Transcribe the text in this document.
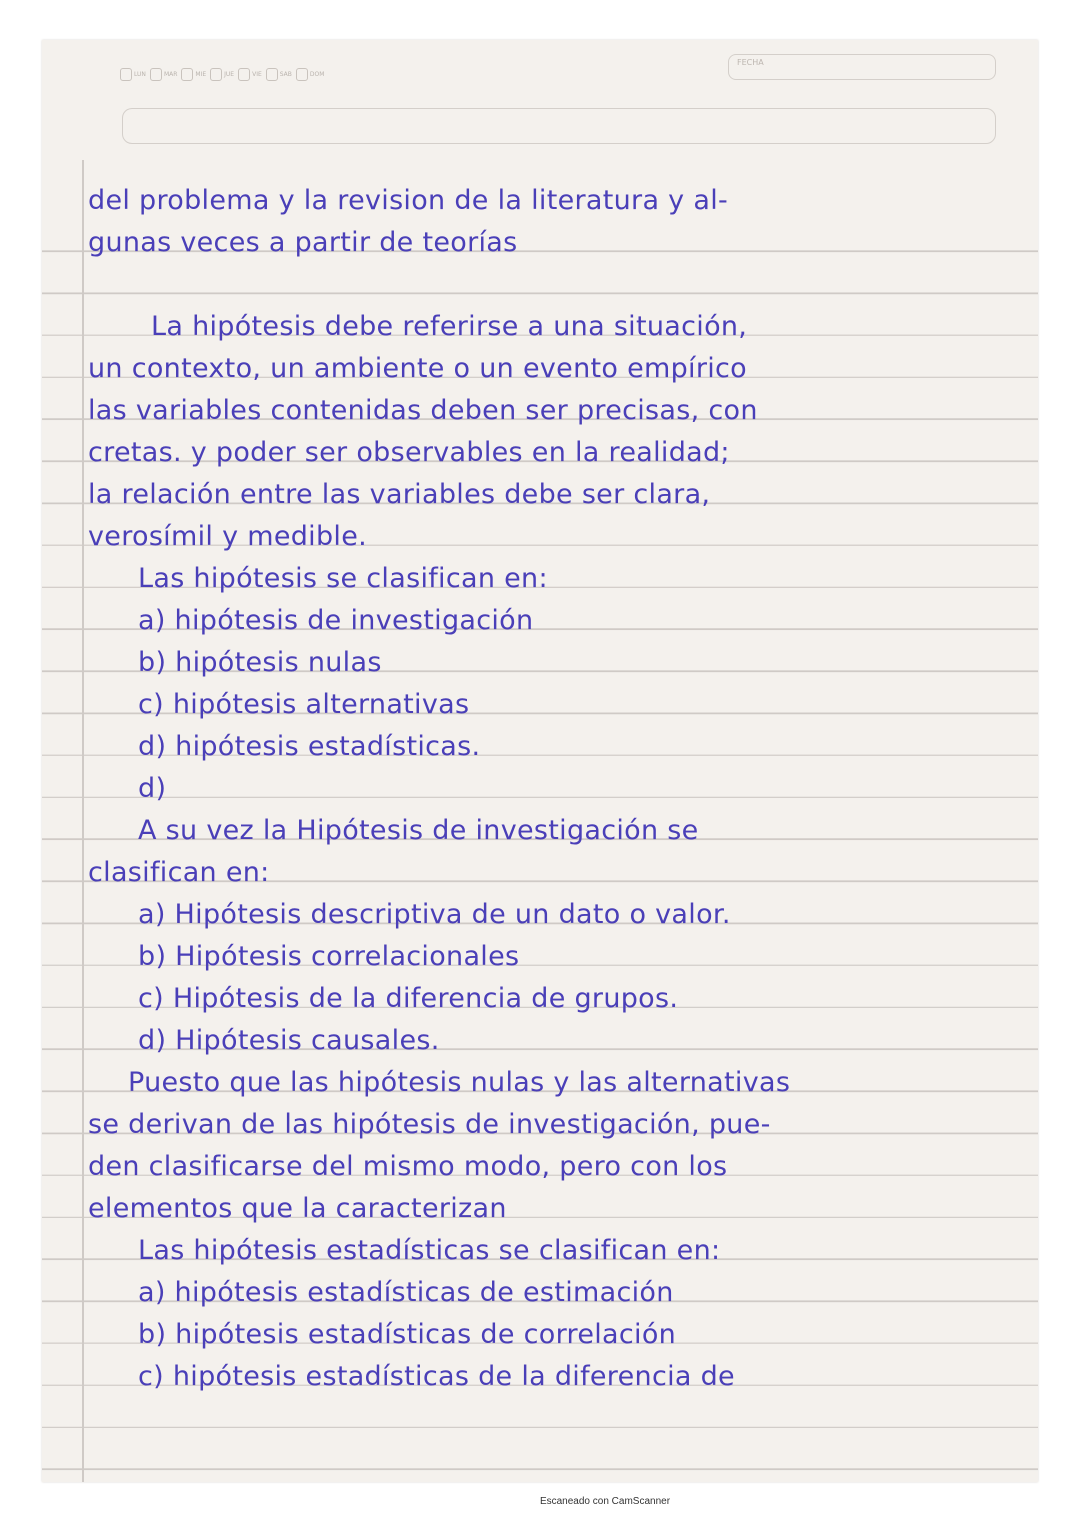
LUN	MAR	MIE	JUE	VIE	SAB	DOM
FECHA
del problema y la revision de la literatura y al-
gunas veces a partir de teorías
La hipótesis debe referirse a una situación,
un contexto, un ambiente o un evento empírico
las variables contenidas deben ser precisas, con
cretas. y poder ser observables en la realidad;
la relación entre las variables debe ser clara,
verosímil y medible.
Las hipótesis se clasifican en:
a) hipótesis de investigación
b) hipótesis nulas
c) hipótesis alternativas
d) hipótesis estadísticas.
d)
A su vez la Hipótesis de investigación se
clasifican en:
a) Hipótesis descriptiva de un dato o valor.
b) Hipótesis correlacionales
c) Hipótesis de la diferencia de grupos.
d) Hipótesis causales.
Puesto que las hipótesis nulas y las alternativas
se derivan de las hipótesis de investigación, pue-
den clasificarse del mismo modo, pero con los
elementos que la caracterizan
Las hipótesis estadísticas se clasifican en:
a) hipótesis estadísticas de estimación
b) hipótesis estadísticas de correlación
c) hipótesis estadísticas de la diferencia de
Escaneado con CamScanner
